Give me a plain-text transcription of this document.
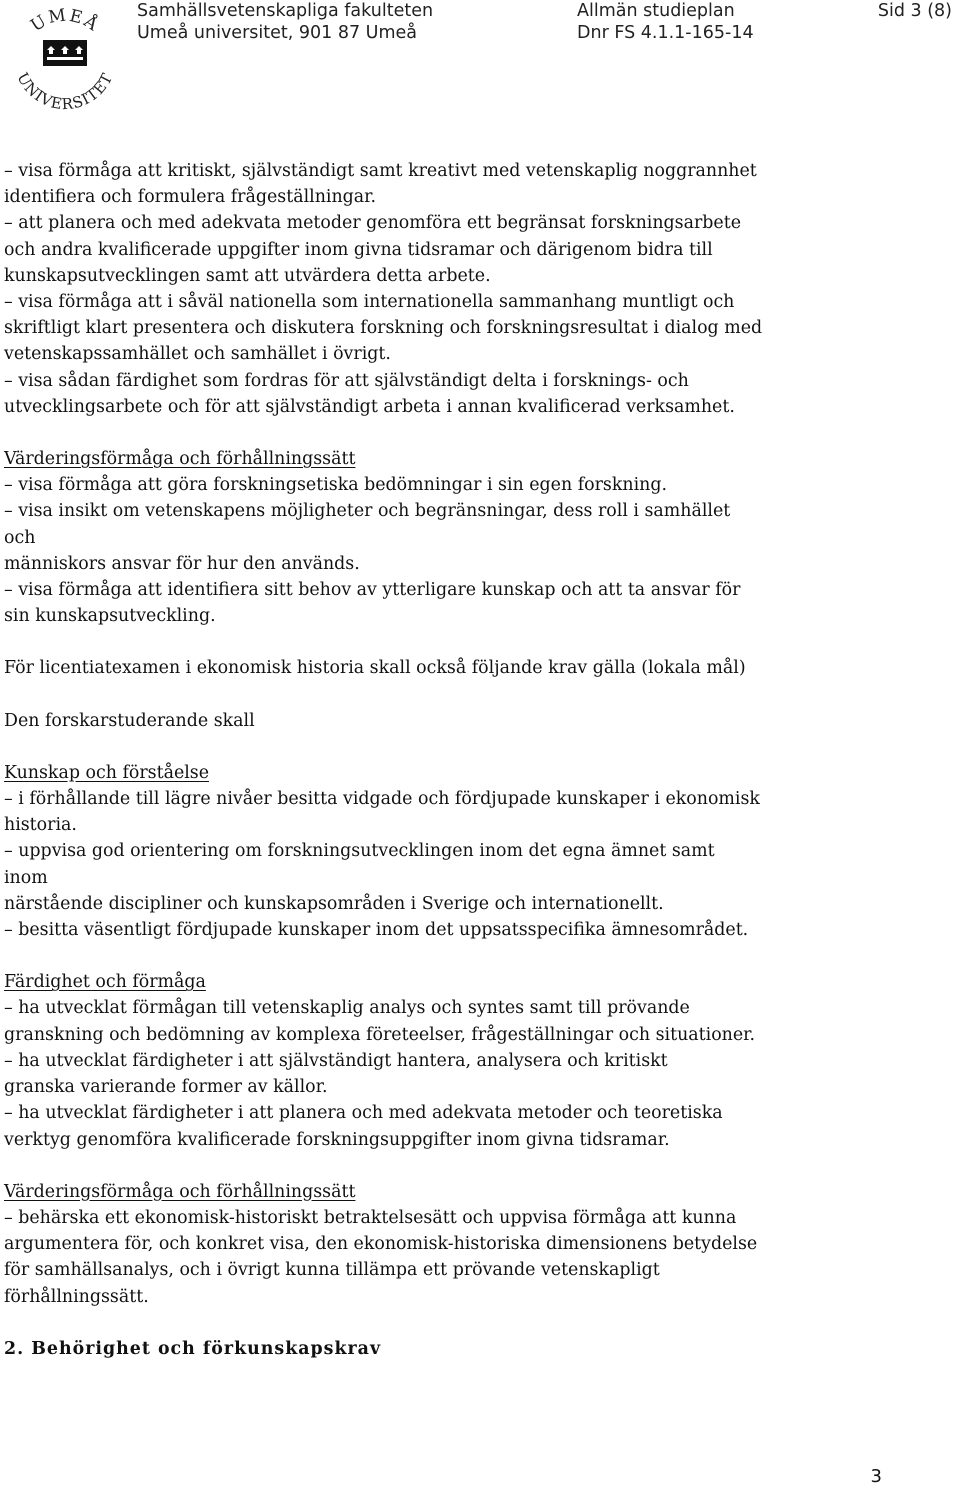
UMEÅ
UNIVERSITET
Samhällsvetenskapliga fakulteten
Umeå universitet, 901 87 Umeå
Allmän studieplan
Dnr FS 4.1.1-165-14
Sid 3 (8)
– visa förmåga att kritiskt, självständigt samt kreativt med vetenskaplig noggrannhet
identifiera och formulera frågeställningar.
– att planera och med adekvata metoder genomföra ett begränsat forskningsarbete
och andra kvalificerade uppgifter inom givna tidsramar och därigenom bidra till
kunskapsutvecklingen samt att utvärdera detta arbete.
– visa förmåga att i såväl nationella som internationella sammanhang muntligt och
skriftligt klart presentera och diskutera forskning och forskningsresultat i dialog med
vetenskapssamhället och samhället i övrigt.
– visa sådan färdighet som fordras för att självständigt delta i forsknings- och
utvecklingsarbete och för att självständigt arbeta i annan kvalificerad verksamhet.
Värderingsförmåga och förhållningssätt
– visa förmåga att göra forskningsetiska bedömningar i sin egen forskning.
– visa insikt om vetenskapens möjligheter och begränsningar, dess roll i samhället
och
människors ansvar för hur den används.
– visa förmåga att identifiera sitt behov av ytterligare kunskap och att ta ansvar för
sin kunskapsutveckling.
För licentiatexamen i ekonomisk historia skall också följande krav gälla (lokala mål)
Den forskarstuderande skall
Kunskap och förståelse
– i förhållande till lägre nivåer besitta vidgade och fördjupade kunskaper i ekonomisk
historia.
– uppvisa god orientering om forskningsutvecklingen inom det egna ämnet samt
inom
närstående discipliner och kunskapsområden i Sverige och internationellt.
– besitta väsentligt fördjupade kunskaper inom det uppsatsspecifika ämnesområdet.
Färdighet och förmåga
– ha utvecklat förmågan till vetenskaplig analys och syntes samt till prövande
granskning och bedömning av komplexa företeelser, frågeställningar och situationer.
– ha utvecklat färdigheter i att självständigt hantera, analysera och kritiskt
granska varierande former av källor.
– ha utvecklat färdigheter i att planera och med adekvata metoder och teoretiska
verktyg genomföra kvalificerade forskningsuppgifter inom givna tidsramar.
Värderingsförmåga och förhållningssätt
– behärska ett ekonomisk-historiskt betraktelsesätt och uppvisa förmåga att kunna
argumentera för, och konkret visa, den ekonomisk-historiska dimensionens betydelse
för samhällsanalys, och i övrigt kunna tillämpa ett prövande vetenskapligt
förhållningssätt.
2. Behörighet och förkunskapskrav
3
